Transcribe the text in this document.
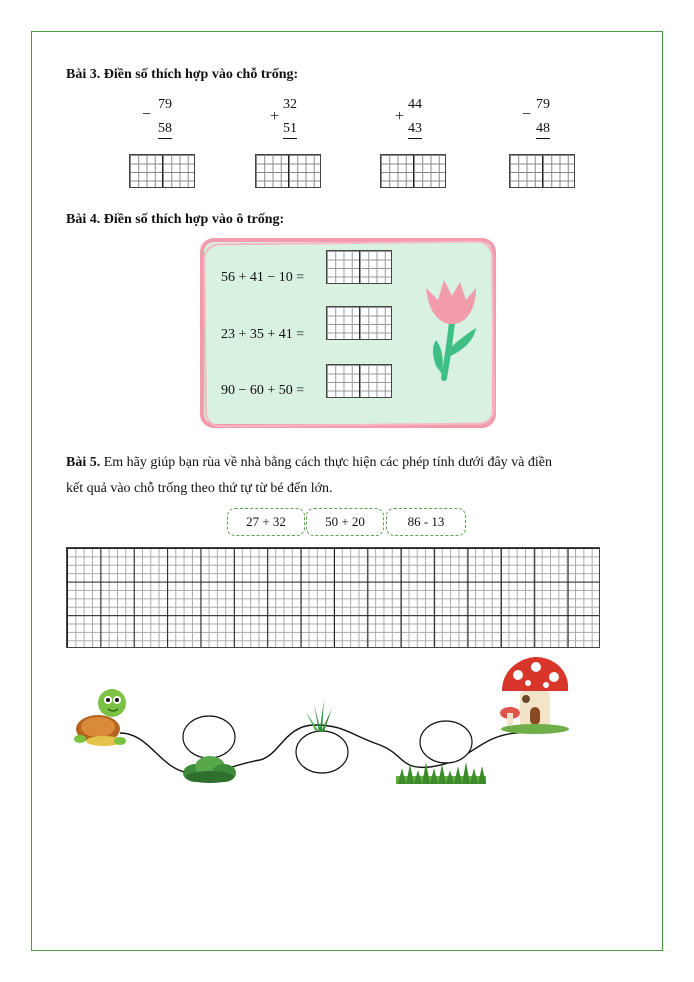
Bài 3. Điền số thích hợp vào chỗ trống:
−
79
58
+
32
51
+
44
43
−
79
48
Bài 4. Điền số thích hợp vào ô trống:
56 + 41 − 10 =
23 + 35 + 41 =
90 − 60 + 50 =
Bài 5. Em hãy giúp bạn rùa về nhà bằng cách thực hiện các phép tính dưới đây và điền
kết quả vào chỗ trống theo thứ tự từ bé đến lớn.
27 + 32	50 + 20	86 - 13
